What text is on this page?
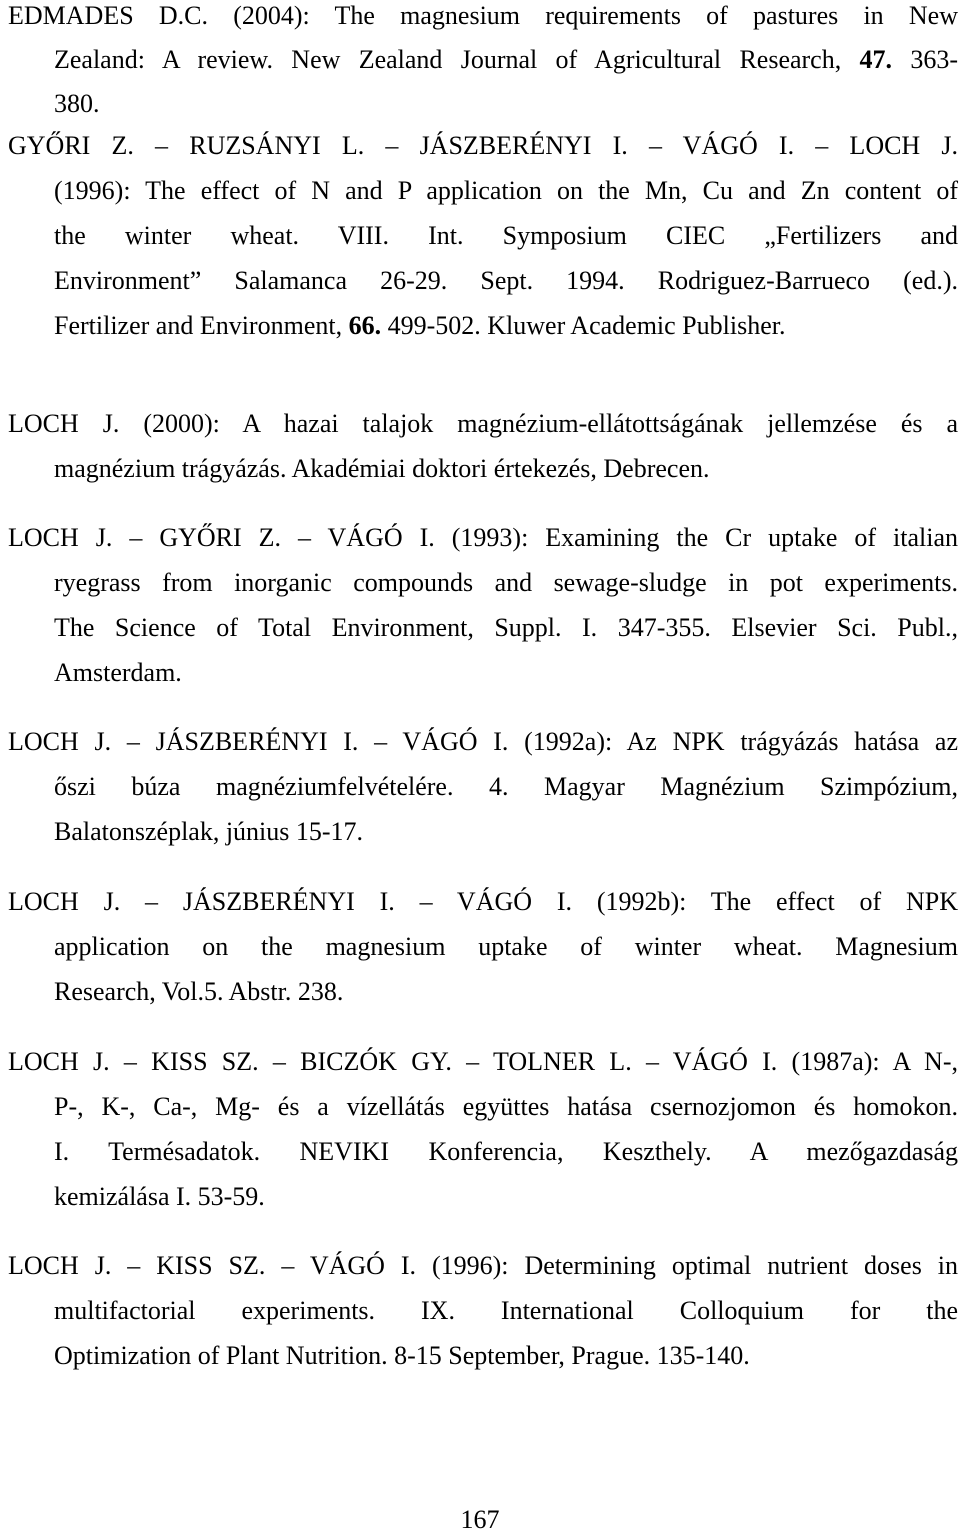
EDMADES D.C. (2004): The magnesium requirements of pastures in New
Zealand: A review. New Zealand Journal of Agricultural Research, 47. 363-
380.
GYŐRI Z. – RUZSÁNYI L. – JÁSZBERÉNYI I. – VÁGÓ I. – LOCH J.
(1996): The effect of N and P application on the Mn, Cu and Zn content of
the winter wheat. VIII. Int. Symposium CIEC „Fertilizers and
Environment” Salamanca 26-29. Sept. 1994. Rodriguez-Barrueco (ed.).
Fertilizer and Environment, 66. 499-502. Kluwer Academic Publisher.
LOCH J. (2000): A hazai talajok magnézium-ellátottságának jellemzése és a
magnézium trágyázás. Akadémiai doktori értekezés, Debrecen.
LOCH J. – GYŐRI Z. – VÁGÓ I. (1993): Examining the Cr uptake of italian
ryegrass from inorganic compounds and sewage-sludge in pot experiments.
The Science of Total Environment, Suppl. I. 347-355. Elsevier Sci. Publ.,
Amsterdam.
LOCH J. – JÁSZBERÉNYI I. – VÁGÓ I. (1992a): Az NPK trágyázás hatása az
őszi búza magnéziumfelvételére. 4. Magyar Magnézium Szimpózium,
Balatonszéplak, június 15-17.
LOCH J. – JÁSZBERÉNYI I. – VÁGÓ I. (1992b): The effect of NPK
application on the magnesium uptake of winter wheat. Magnesium
Research, Vol.5. Abstr. 238.
LOCH J. – KISS SZ. – BICZÓK GY. – TOLNER L. – VÁGÓ I. (1987a): A N-,
P-, K-, Ca-, Mg- és a vízellátás együttes hatása csernozjomon és homokon.
I. Termésadatok. NEVIKI Konferencia, Keszthely. A mezőgazdaság
kemizálása I. 53-59.
LOCH J. – KISS SZ. – VÁGÓ I. (1996): Determining optimal nutrient doses in
multifactorial experiments. IX. International Colloquium for the
Optimization of Plant Nutrition. 8-15 September, Prague. 135-140.
167
